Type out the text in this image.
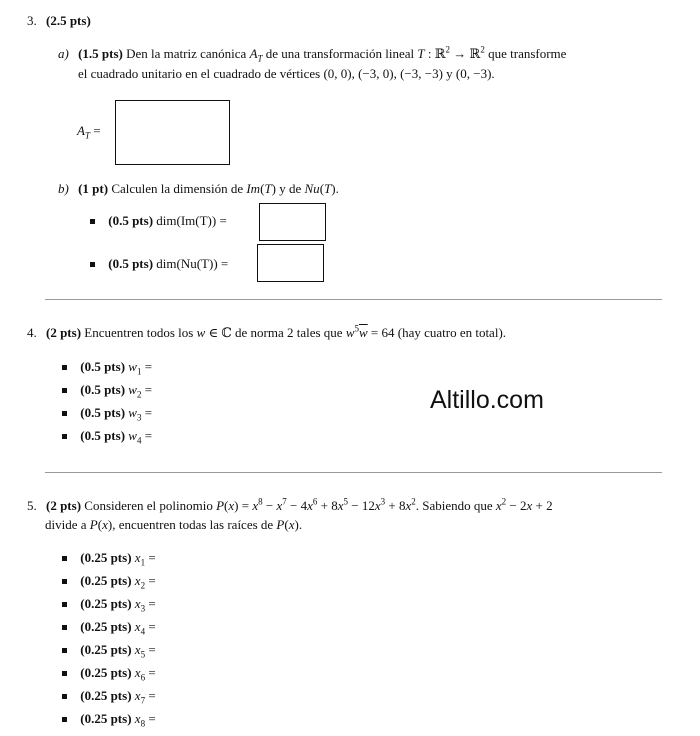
3. (2.5 pts)
a) (1.5 pts) Den la matriz canónica $A_T$ de una transformación lineal T : ℝ$^2$ → ℝ$^2$ que transforme
el cuadrado unitario en el cuadrado de vértices (0, 0), (−3, 0), (−3, −3) y (0, −3).
$A_T$ =
b) (1 pt) Calculen la dimensión de Im(T) y de Nu(T).
(0.5 pts) dim(Im(T)) =
(0.5 pts) dim(Nu(T)) =
4. (2 pts) Encuentren todos los w ∈ ℂ de norma 2 tales que $w^5\overline{w} = 64$ (hay cuatro en total).
(0.5 pts) $w_1$ =
(0.5 pts) $w_2$ =
(0.5 pts) $w_3$ =
(0.5 pts) $w_4$ =
Altillo.com
5. (2 pts) Consideren el polinomio $P(x) = x^8 - x^7 - 4x^6 + 8x^5 - 12x^3 + 8x^2$. Sabiendo que $x^2 - 2x + 2$
divide a P(x), encuentren todas las raíces de P(x).
(0.25 pts) $x_1$ =
(0.25 pts) $x_2$ =
(0.25 pts) $x_3$ =
(0.25 pts) $x_4$ =
(0.25 pts) $x_5$ =
(0.25 pts) $x_6$ =
(0.25 pts) $x_7$ =
(0.25 pts) $x_8$ =
